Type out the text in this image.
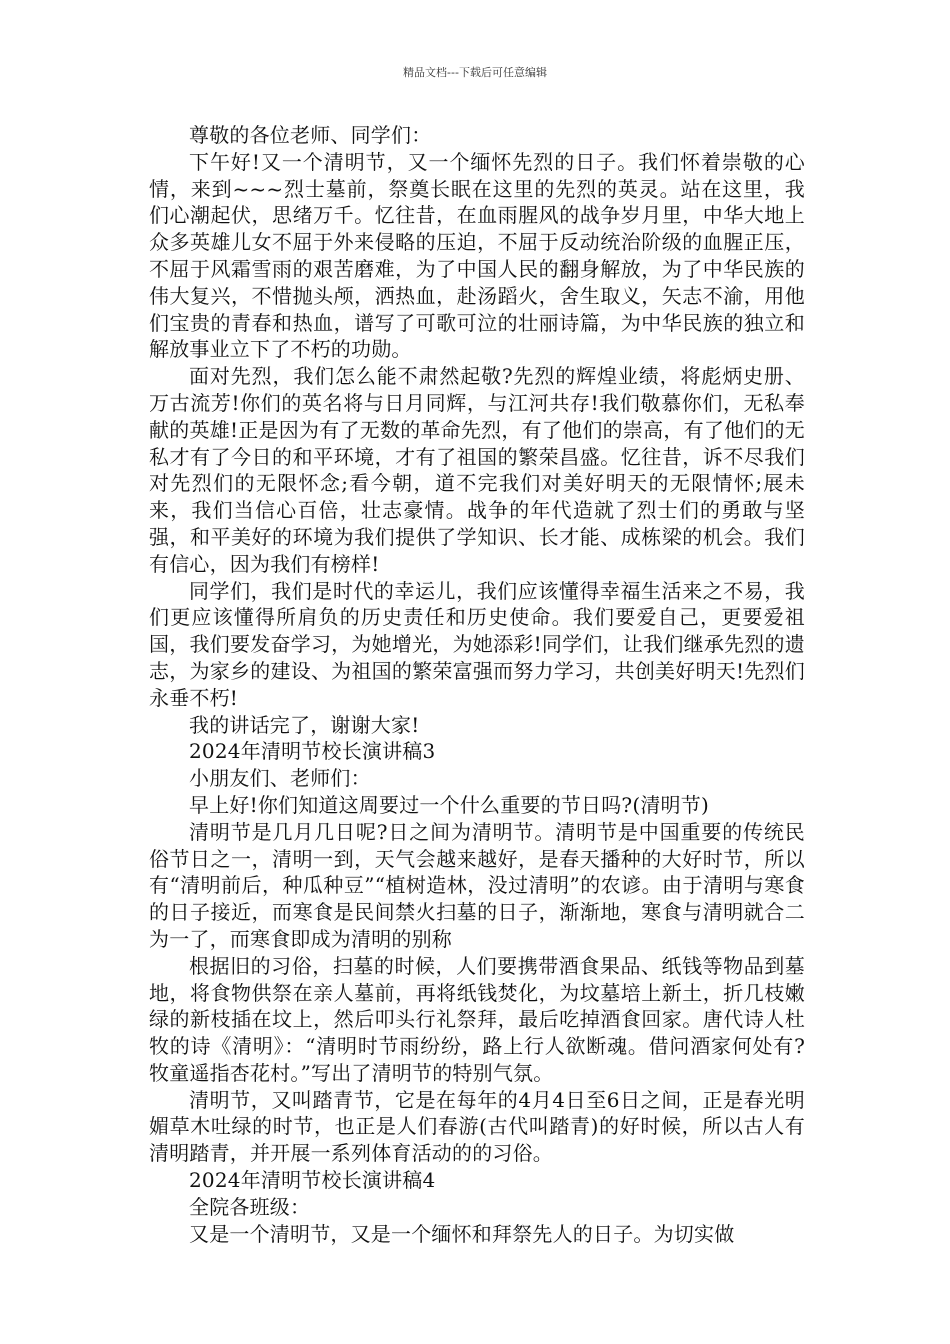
精品文档---下载后可任意编辑

尊敬的各位老师、同学们：

下午好!又一个清明节，又一个缅怀先烈的日子。我们怀着崇敬的心情，来到~~~烈士墓前，祭奠长眠在这里的先烈的英灵。站在这里，我们心潮起伏，思绪万千。忆往昔，在血雨腥风的战争岁月里，中华大地上众多英雄儿女不屈于外来侵略的压迫，不屈于反动统治阶级的血腥正压，不屈于风霜雪雨的艰苦磨难，为了中国人民的翻身解放，为了中华民族的伟大复兴，不惜抛头颅，洒热血，赴汤蹈火，舍生取义，矢志不渝，用他们宝贵的青春和热血，谱写了可歌可泣的壮丽诗篇，为中华民族的独立和解放事业立下了不朽的功勋。

面对先烈，我们怎么能不肃然起敬?先烈的辉煌业绩，将彪炳史册、万古流芳!你们的英名将与日月同辉，与江河共存!我们敬慕你们，无私奉献的英雄!正是因为有了无数的革命先烈，有了他们的崇高，有了他们的无私才有了今日的和平环境，才有了祖国的繁荣昌盛。忆往昔，诉不尽我们对先烈们的无限怀念;看今朝，道不完我们对美好明天的无限情怀;展未来，我们当信心百倍，壮志豪情。战争的年代造就了烈士们的勇敢与坚强，和平美好的环境为我们提供了学知识、长才能、成栋梁的机会。我们有信心，因为我们有榜样!

同学们，我们是时代的幸运儿，我们应该懂得幸福生活来之不易，我们更应该懂得所肩负的历史责任和历史使命。我们要爱自己，更要爱祖国，我们要发奋学习，为她增光，为她添彩!同学们，让我们继承先烈的遗志，为家乡的建设、为祖国的繁荣富强而努力学习，共创美好明天!先烈们永垂不朽!

我的讲话完了，谢谢大家!

2024年清明节校长演讲稿3

小朋友们、老师们：

早上好!你们知道这周要过一个什么重要的节日吗?(清明节)

清明节是几月几日呢?日之间为清明节。清明节是中国重要的传统民俗节日之一，清明一到，天气会越来越好，是春天播种的大好时节，所以有“清明前后，种瓜种豆”“植树造林，没过清明”的农谚。由于清明与寒食的日子接近，而寒食是民间禁火扫墓的日子，渐渐地，寒食与清明就合二为一了，而寒食即成为清明的别称

根据旧的习俗，扫墓的时候，人们要携带酒食果品、纸钱等物品到墓地，将食物供祭在亲人墓前，再将纸钱焚化，为坟墓培上新土，折几枝嫩绿的新枝插在坟上，然后叩头行礼祭拜，最后吃掉酒食回家。唐代诗人杜牧的诗《清明》：“清明时节雨纷纷，路上行人欲断魂。借问酒家何处有?牧童遥指杏花村。”写出了清明节的特别气氛。

清明节，又叫踏青节，它是在每年的4月4日至6日之间，正是春光明媚草木吐绿的时节，也正是人们春游(古代叫踏青)的好时候，所以古人有清明踏青，并开展一系列体育活动的的习俗。

2024年清明节校长演讲稿4

全院各班级：

又是一个清明节，又是一个缅怀和拜祭先人的日子。为切实做
